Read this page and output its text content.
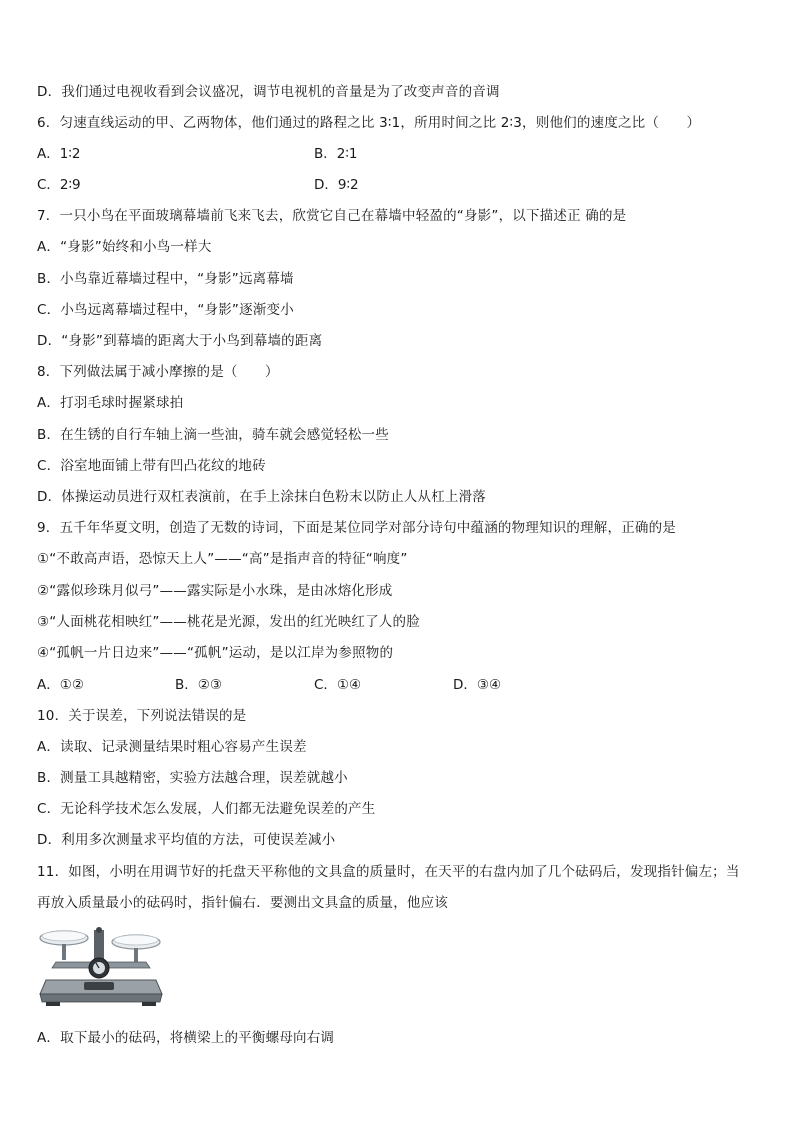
D．我们通过电视收看到会议盛况，调节电视机的音量是为了改变声音的音调
6．匀速直线运动的甲、乙两物体，他们通过的路程之比 3∶1，所用时间之比 2∶3，则他们的速度之比（　　）
A．1∶2	B．2∶1
C．2∶9	D．9∶2
7．一只小鸟在平面玻璃幕墙前飞来飞去，欣赏它自己在幕墙中轻盈的“身影”，以下描述正 确的是
A．“身影”始终和小鸟一样大
B．小鸟靠近幕墙过程中，“身影”远离幕墙
C．小鸟远离幕墙过程中，“身影”逐渐变小
D．“身影”到幕墙的距离大于小鸟到幕墙的距离
8．下列做法属于减小摩擦的是（　　）
A．打羽毛球时握紧球拍
B．在生锈的自行车轴上滴一些油，骑车就会感觉轻松一些
C．浴室地面铺上带有凹凸花纹的地砖
D．体操运动员进行双杠表演前，在手上涂抹白色粉末以防止人从杠上滑落
9．五千年华夏文明，创造了无数的诗词，下面是某位同学对部分诗句中蕴涵的物理知识的理解，正确的是
①“不敢高声语，恐惊天上人”——“高”是指声音的特征“响度”
②“露似珍珠月似弓”——露实际是小水珠，是由冰熔化形成
③“人面桃花相映红”——桃花是光源，发出的红光映红了人的脸
④“孤帆一片日边来”——“孤帆”运动，是以江岸为参照物的
A．①②	B．②③	C．①④	D．③④
10．关于误差，下列说法错误的是
A．读取、记录测量结果时粗心容易产生误差
B．测量工具越精密，实验方法越合理，误差就越小
C．无论科学技术怎么发展，人们都无法避免误差的产生
D．利用多次测量求平均值的方法，可使误差减小
11．如图，小明在用调节好的托盘天平称他的文具盒的质量时，在天平的右盘内加了几个砝码后，发现指针偏左；当
再放入质量最小的砝码时，指针偏右．要测出文具盒的质量，他应该
A．取下最小的砝码，将横梁上的平衡螺母向右调
